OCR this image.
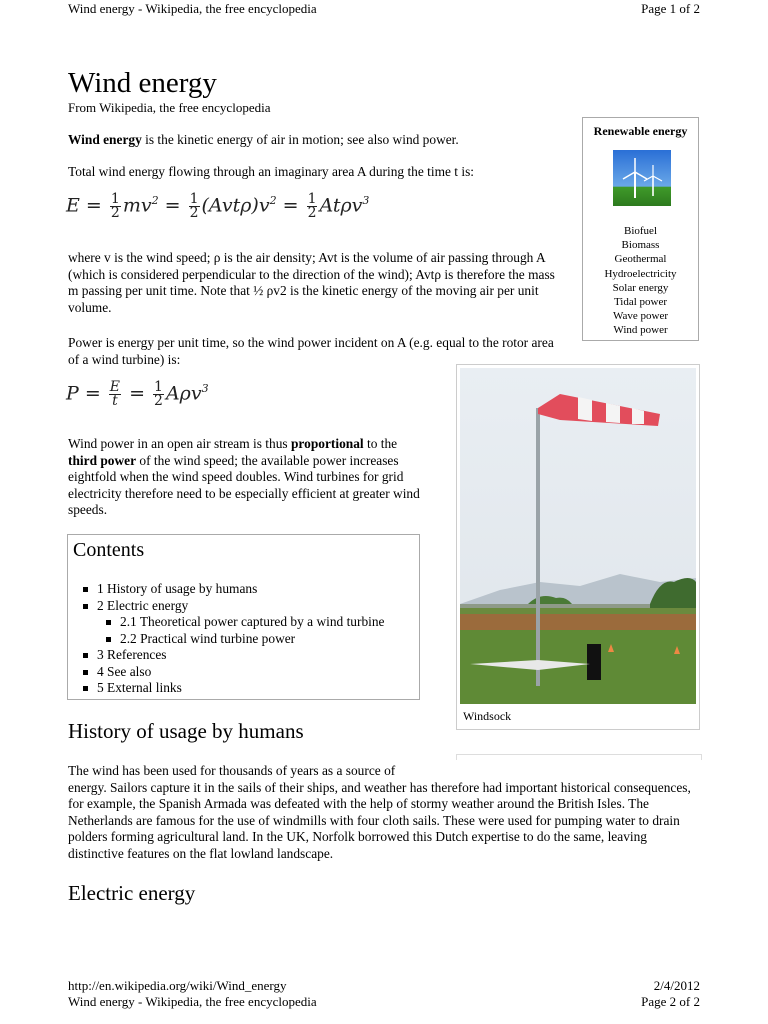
Wind energy - Wikipedia, the free encyclopedia	Page 1 of 2
Wind energy
From Wikipedia, the free encyclopedia
Wind energy is the kinetic energy of air in motion; see also wind power.
Total wind energy flowing through an imaginary area A during the time t is:
$E = \frac{1}{2} mv^2 = \frac{1}{2} (Avt\rho)v^2 = \frac{1}{2} At\rho v^3$
where v is the wind speed; ρ is the air density; Avt is the volume of air passing through A (which is considered perpendicular to the direction of the wind); Avtρ is therefore the mass m passing per unit time. Note that ½ ρv2 is the kinetic energy of the moving air per unit volume.
Power is energy per unit time, so the wind power incident on A (e.g. equal to the rotor area of a wind turbine) is:
$P = \frac{E}{t} = \frac{1}{2} A\rho v^3$
Wind power in an open air stream is thus proportional to the third power of the wind speed; the available power increases eightfold when the wind speed doubles. Wind turbines for grid electricity therefore need to be especially efficient at greater wind speeds.
Renewable energy
Biofuel
Biomass
Geothermal
Hydroelectricity
Solar energy
Tidal power
Wave power
Wind power
Windsock
Contents
1 History of usage by humans
2 Electric energy
2.1 Theoretical power captured by a wind turbine
2.2 Practical wind turbine power
3 References
4 See also
5 External links
History of usage by humans
The wind has been used for thousands of years as a source of energy. Sailors capture it in the sails of their ships, and weather has therefore had important historical consequences, for example, the Spanish Armada was defeated with the help of stormy weather around the British Isles. The Netherlands are famous for the use of windmills with four cloth sails. These were used for pumping water to drain polders forming agricultural land. In the UK, Norfolk borrowed this Dutch expertise to do the same, leaving distinctive features on the flat lowland landscape.
Electric energy
http://en.wikipedia.org/wiki/Wind_energy	2/4/2012
Wind energy - Wikipedia, the free encyclopedia	Page 2 of 2
